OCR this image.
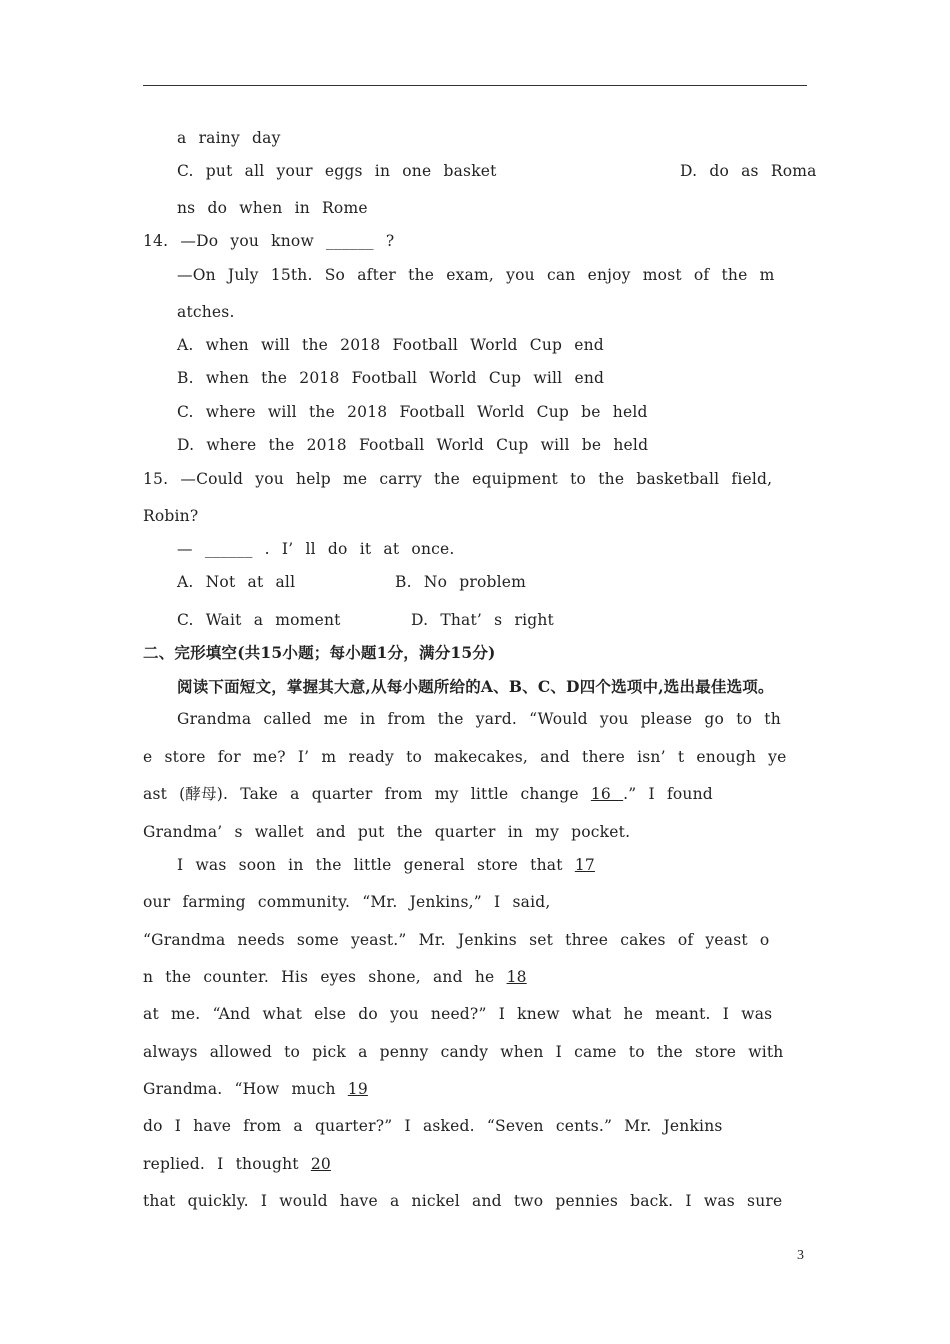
a rainy day
C. put all your eggs in one basket	D. do as Roma
ns do when in Rome
14. —Do you know ______ ?
—On July 15th. So after the exam, you can enjoy most of the m
atches.
A. when will the 2018 Football World Cup end
B. when the 2018 Football World Cup will end
C. where will the 2018 Football World Cup be held
D. where the 2018 Football World Cup will be held
15. —Could you help me carry the equipment to the basketball field,
Robin?
— ______ . I’ ll do it at once.
A. Not at all	B. No problem
C. Wait a moment	D. That’ s right
二、完形填空(共15小题；每小题1分，满分15分)
阅读下面短文，掌握其大意,从每小题所给的A、B、C、D四个选项中,选出最佳选项。
Grandma called me in from the yard. “Would you please go to th
e store for me? I’ m ready to makecakes, and there isn’ t enough ye
ast (酵母). Take a quarter from my little change 16 .” I found
Grandma’ s wallet and put the quarter in my pocket.
I was soon in the little general store that 17
our farming community. “Mr. Jenkins,” I said,
“Grandma needs some yeast.” Mr. Jenkins set three cakes of yeast o
n the counter. His eyes shone, and he 18
at me. “And what else do you need?” I knew what he meant. I was
always allowed to pick a penny candy when I came to the store with
Grandma. “How much 19
do I have from a quarter?” I asked. “Seven cents.” Mr. Jenkins
replied. I thought 20
that quickly. I would have a nickel and two pennies back. I was sure
3
